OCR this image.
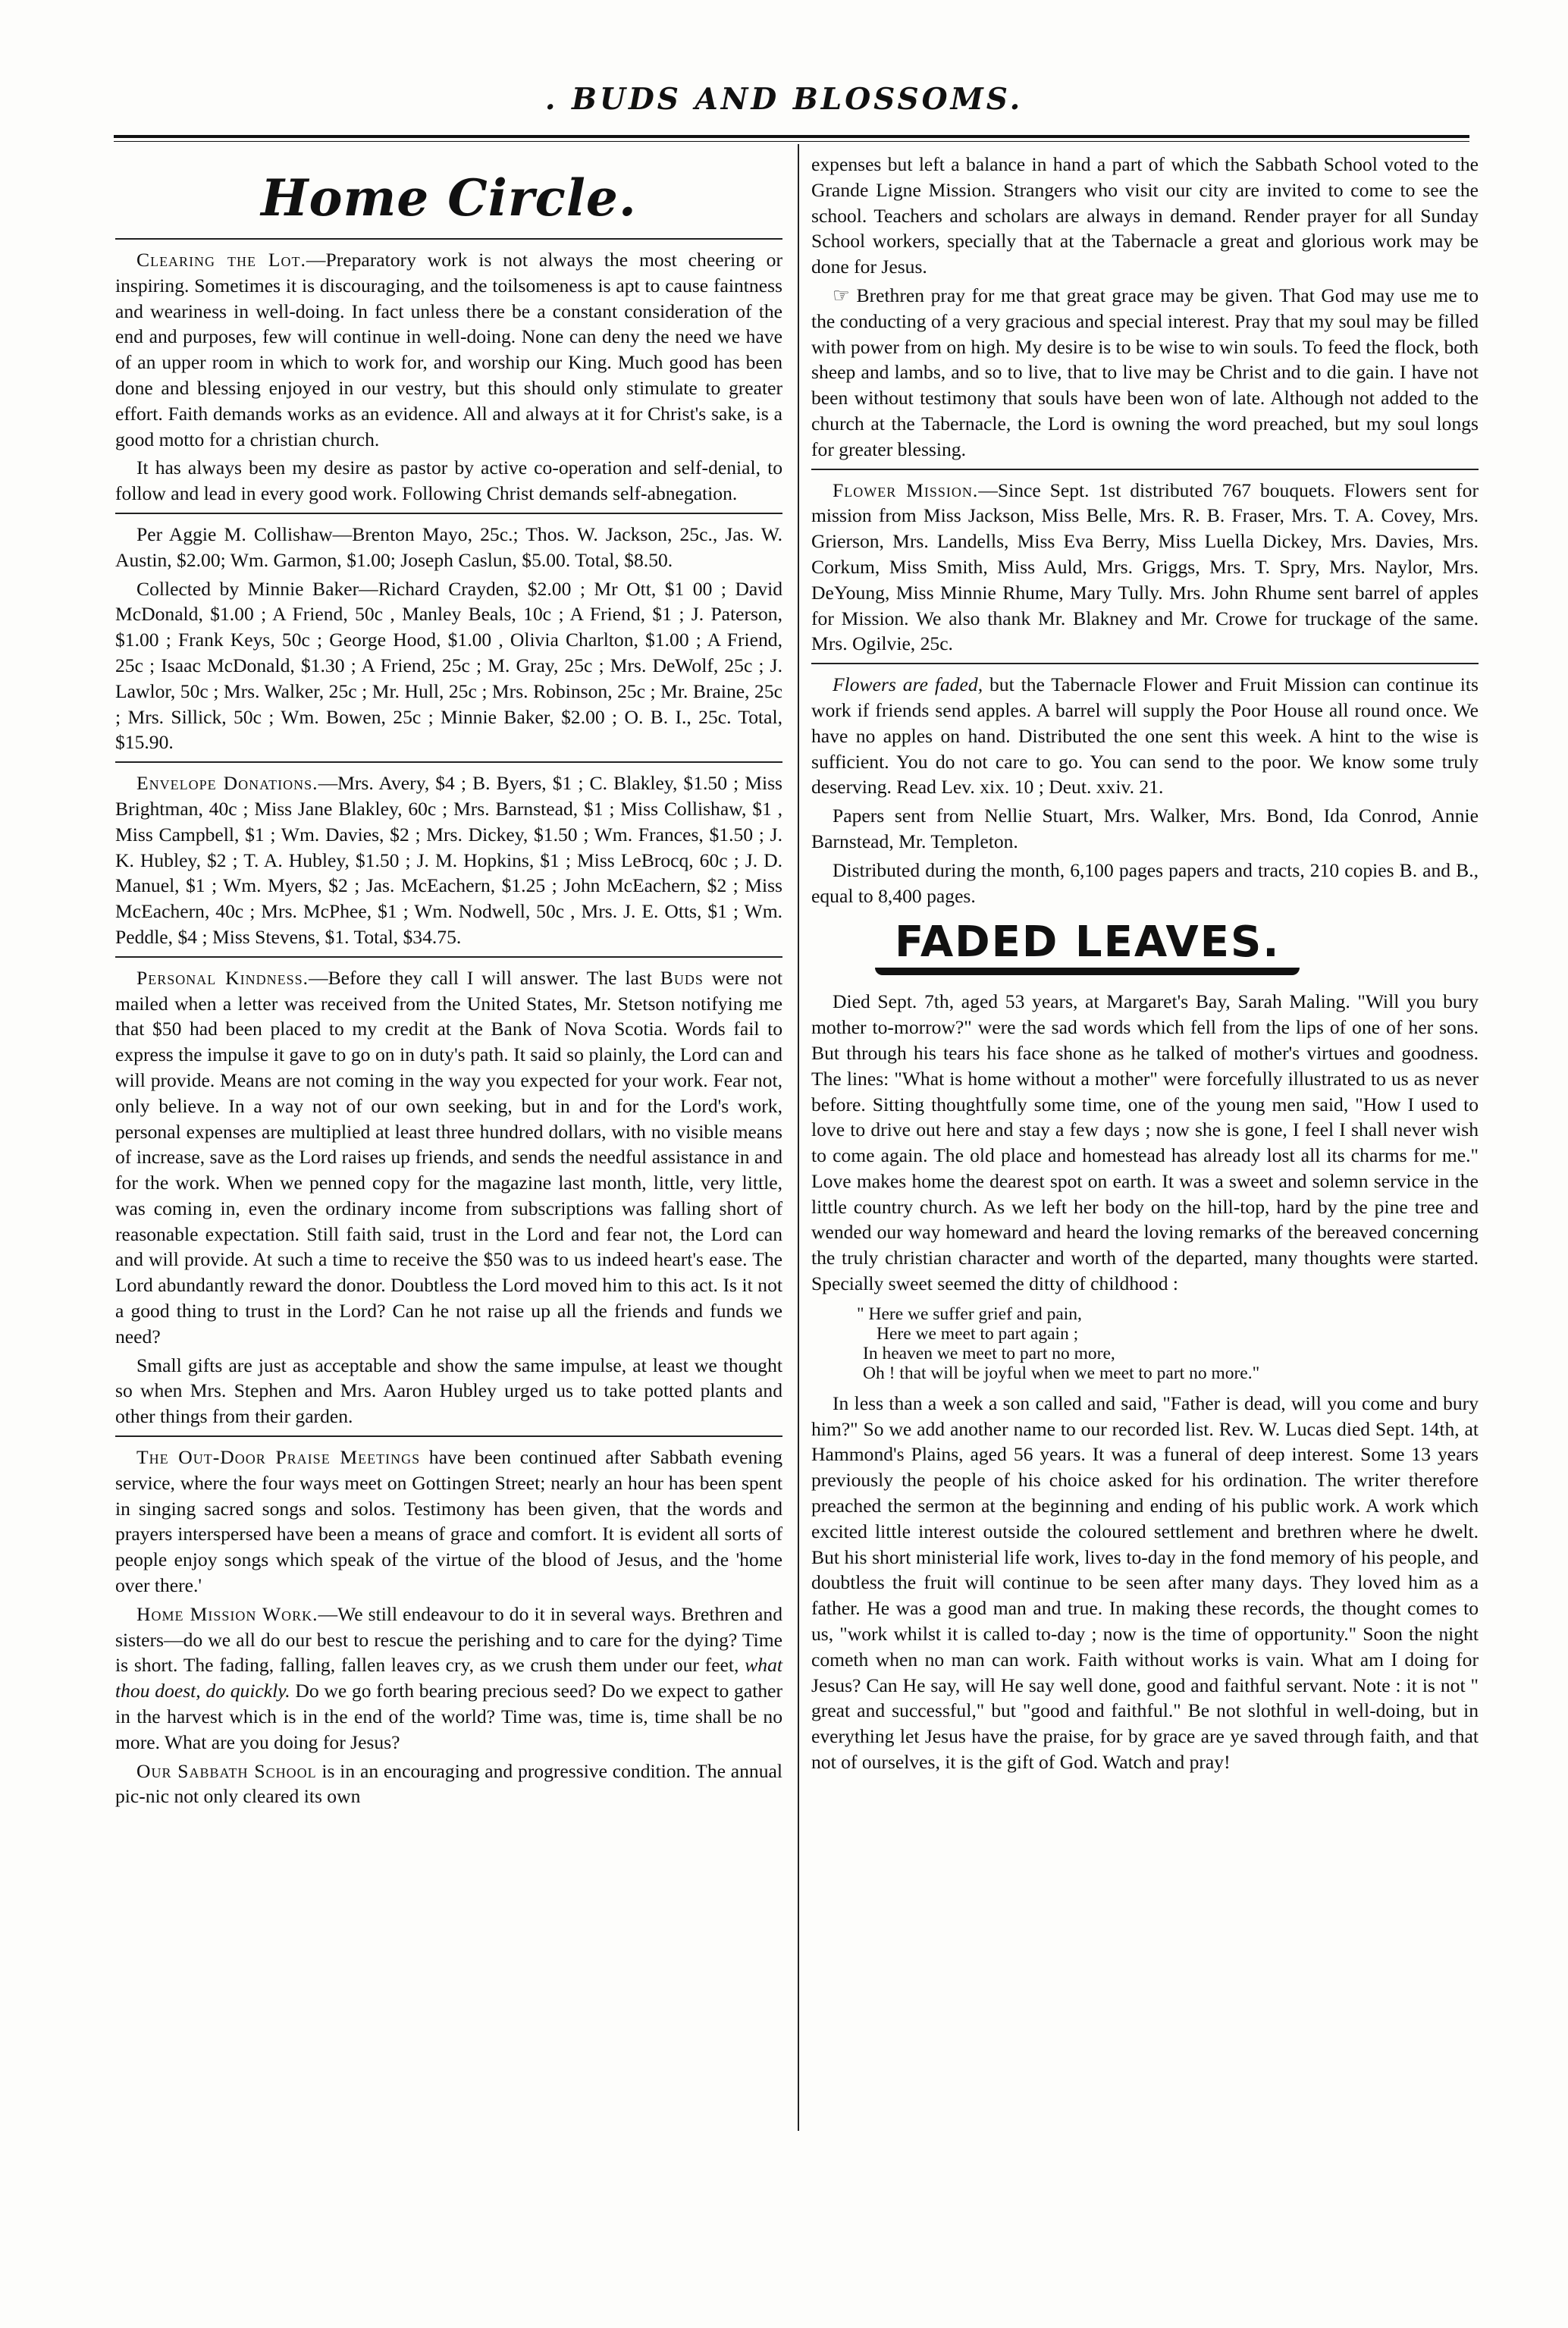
. BUDS AND BLOSSOMS.
Home Circle.

Clearing the Lot.—Preparatory work is not always the most cheering or inspiring. Sometimes it is discouraging, and the toilsomeness is apt to cause faintness and weariness in well-doing. In fact unless there be a constant consideration of the end and purposes, few will continue in well-doing. None can deny the need we have of an upper room in which to work for, and worship our King. Much good has been done and blessing enjoyed in our vestry, but this should only stimulate to greater effort. Faith demands works as an evidence. All and always at it for Christ's sake, is a good motto for a christian church.

It has always been my desire as pastor by active co-operation and self-denial, to follow and lead in every good work. Following Christ demands self-abnegation.

Per Aggie M. Collishaw—Brenton Mayo, 25c.; Thos. W. Jackson, 25c., Jas. W. Austin, $2.00; Wm. Garmon, $1.00; Joseph Caslun, $5.00. Total, $8.50.

Collected by Minnie Baker—Richard Crayden, $2.00 ; Mr Ott, $1 00 ; David McDonald, $1.00 ; A Friend, 50c , Manley Beals, 10c ; A Friend, $1 ; J. Paterson, $1.00 ; Frank Keys, 50c ; George Hood, $1.00 , Olivia Charlton, $1.00 ; A Friend, 25c ; Isaac McDonald, $1.30 ; A Friend, 25c ; M. Gray, 25c ; Mrs. DeWolf, 25c ; J. Lawlor, 50c ; Mrs. Walker, 25c ; Mr. Hull, 25c ; Mrs. Robinson, 25c ; Mr. Braine, 25c ; Mrs. Sillick, 50c ; Wm. Bowen, 25c ; Minnie Baker, $2.00 ; O. B. I., 25c. Total, $15.90.

Envelope Donations.—Mrs. Avery, $4 ; B. Byers, $1 ; C. Blakley, $1.50 ; Miss Brightman, 40c ; Miss Jane Blakley, 60c ; Mrs. Barnstead, $1 ; Miss Collishaw, $1 , Miss Campbell, $1 ; Wm. Davies, $2 ; Mrs. Dickey, $1.50 ; Wm. Frances, $1.50 ; J. K. Hubley, $2 ; T. A. Hubley, $1.50 ; J. M. Hopkins, $1 ; Miss LeBrocq, 60c ; J. D. Manuel, $1 ; Wm. Myers, $2 ; Jas. McEachern, $1.25 ; John McEachern, $2 ; Miss McEachern, 40c ; Mrs. McPhee, $1 ; Wm. Nodwell, 50c , Mrs. J. E. Otts, $1 ; Wm. Peddle, $4 ; Miss Stevens, $1. Total, $34.75.

Personal Kindness.—Before they call I will answer. The last Buds were not mailed when a letter was received from the United States, Mr. Stetson notifying me that $50 had been placed to my credit at the Bank of Nova Scotia. Words fail to express the impulse it gave to go on in duty's path. It said so plainly, the Lord can and will provide. Means are not coming in the way you expected for your work. Fear not, only believe. In a way not of our own seeking, but in and for the Lord's work, personal expenses are multiplied at least three hundred dollars, with no visible means of increase, save as the Lord raises up friends, and sends the needful assistance in and for the work. When we penned copy for the magazine last month, little, very little, was coming in, even the ordinary income from subscriptions was falling short of reasonable expectation. Still faith said, trust in the Lord and fear not, the Lord can and will provide. At such a time to receive the $50 was to us indeed heart's ease. The Lord abundantly reward the donor. Doubtless the Lord moved him to this act. Is it not a good thing to trust in the Lord? Can he not raise up all the friends and funds we need?

Small gifts are just as acceptable and show the same impulse, at least we thought so when Mrs. Stephen and Mrs. Aaron Hubley urged us to take potted plants and other things from their garden.

The Out-Door Praise Meetings have been continued after Sabbath evening service, where the four ways meet on Gottingen Street; nearly an hour has been spent in singing sacred songs and solos. Testimony has been given, that the words and prayers interspersed have been a means of grace and comfort. It is evident all sorts of people enjoy songs which speak of the virtue of the blood of Jesus, and the 'home over there.'

Home Mission Work.—We still endeavour to do it in several ways. Brethren and sisters—do we all do our best to rescue the perishing and to care for the dying? Time is short. The fading, falling, fallen leaves cry, as we crush them under our feet, what thou doest, do quickly. Do we go forth bearing precious seed? Do we expect to gather in the harvest which is in the end of the world? Time was, time is, time shall be no more. What are you doing for Jesus?

Our Sabbath School is in an encouraging and progressive condition. The annual pic-nic not only cleared its own

expenses but left a balance in hand a part of which the Sabbath School voted to the Grande Ligne Mission. Strangers who visit our city are invited to come to see the school. Teachers and scholars are always in demand. Render prayer for all Sunday School workers, specially that at the Tabernacle a great and glorious work may be done for Jesus.

☞ Brethren pray for me that great grace may be given. That God may use me to the conducting of a very gracious and special interest. Pray that my soul may be filled with power from on high. My desire is to be wise to win souls. To feed the flock, both sheep and lambs, and so to live, that to live may be Christ and to die gain. I have not been without testimony that souls have been won of late. Although not added to the church at the Tabernacle, the Lord is owning the word preached, but my soul longs for greater blessing.

Flower Mission.—Since Sept. 1st distributed 767 bouquets. Flowers sent for mission from Miss Jackson, Miss Belle, Mrs. R. B. Fraser, Mrs. T. A. Covey, Mrs. Grierson, Mrs. Landells, Miss Eva Berry, Miss Luella Dickey, Mrs. Davies, Mrs. Corkum, Miss Smith, Miss Auld, Mrs. Griggs, Mrs. T. Spry, Mrs. Naylor, Mrs. DeYoung, Miss Minnie Rhume, Mary Tully. Mrs. John Rhume sent barrel of apples for Mission. We also thank Mr. Blakney and Mr. Crowe for truckage of the same. Mrs. Ogilvie, 25c.

Flowers are faded, but the Tabernacle Flower and Fruit Mission can continue its work if friends send apples. A barrel will supply the Poor House all round once. We have no apples on hand. Distributed the one sent this week. A hint to the wise is sufficient. You do not care to go. You can send to the poor. We know some truly deserving. Read Lev. xix. 10 ; Deut. xxiv. 21.

Papers sent from Nellie Stuart, Mrs. Walker, Mrs. Bond, Ida Conrod, Annie Barnstead, Mr. Templeton.

Distributed during the month, 6,100 pages papers and tracts, 210 copies B. and B., equal to 8,400 pages.

FADED LEAVES.

Died Sept. 7th, aged 53 years, at Margaret's Bay, Sarah Maling. "Will you bury mother to-morrow?" were the sad words which fell from the lips of one of her sons. But through his tears his face shone as he talked of mother's virtues and goodness. The lines: "What is home without a mother" were forcefully illustrated to us as never before. Sitting thoughtfully some time, one of the young men said, "How I used to love to drive out here and stay a few days ; now she is gone, I feel I shall never wish to come again. The old place and homestead has already lost all its charms for me." Love makes home the dearest spot on earth. It was a sweet and solemn service in the little country church. As we left her body on the hill-top, hard by the pine tree and wended our way homeward and heard the loving remarks of the bereaved concerning the truly christian character and worth of the departed, many thoughts were started. Specially sweet seemed the ditty of childhood :

" Here we suffer grief and pain,
Here we meet to part again ;
In heaven we meet to part no more,
Oh ! that will be joyful when we meet to part no more."

In less than a week a son called and said, "Father is dead, will you come and bury him?" So we add another name to our recorded list. Rev. W. Lucas died Sept. 14th, at Hammond's Plains, aged 56 years. It was a funeral of deep interest. Some 13 years previously the people of his choice asked for his ordination. The writer therefore preached the sermon at the beginning and ending of his public work. A work which excited little interest outside the coloured settlement and brethren where he dwelt. But his short ministerial life work, lives to-day in the fond memory of his people, and doubtless the fruit will continue to be seen after many days. They loved him as a father. He was a good man and true. In making these records, the thought comes to us, "work whilst it is called to-day ; now is the time of opportunity." Soon the night cometh when no man can work. Faith without works is vain. What am I doing for Jesus? Can He say, will He say well done, good and faithful servant. Note : it is not " great and successful," but "good and faithful." Be not slothful in well-doing, but in everything let Jesus have the praise, for by grace are ye saved through faith, and that not of ourselves, it is the gift of God. Watch and pray!
